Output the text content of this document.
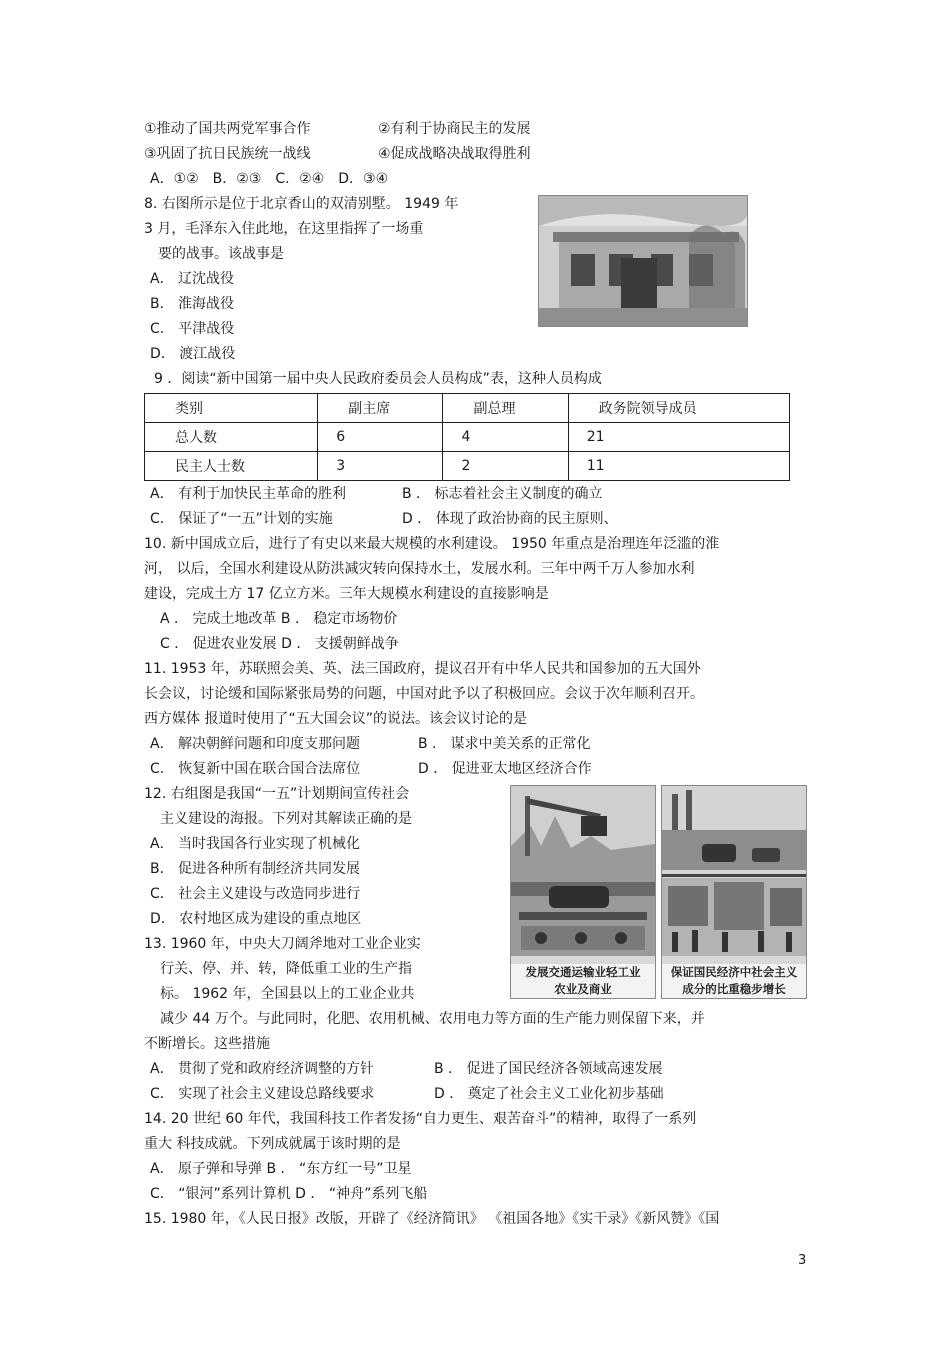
①推动了国共两党军事合作	②有利于协商民主的发展
③巩固了抗日民族统一战线	④促成战略决战取得胜利
A．①②　B．②③　C．②④　D．③④
8. 右图所示是位于北京香山的双清别墅。 1949 年
3 月，毛泽东入住此地，在这里指挥了一场重
要的战事。该战事是
A． 辽沈战役
B． 淮海战役
C． 平津战役
D． 渡江战役
9 ．阅读“新中国第一届中央人民政府委员会人员构成”表，这种人员构成
类别	副主席	副总理	政务院领导成员
总人数	6	4	21
民主人士数	3	2	11
A． 有利于加快民主革命的胜利	B ． 标志着社会主义制度的确立
C． 保证了“一五”计划的实施	D ． 体现了政治协商的民主原则、
10. 新中国成立后，进行了有史以来最大规模的水利建设。 1950 年重点是治理连年泛滥的淮
河， 以后，全国水利建设从防洪减灾转向保持水土，发展水利。三年中两千万人参加水利
建设，完成土方 17 亿立方米。三年大规模水利建设的直接影响是
A ． 完成土地改革 B ． 稳定市场物价
C ． 促进农业发展 D ． 支援朝鲜战争
11. 1953 年，苏联照会美、英、法三国政府，提议召开有中华人民共和国参加的五大国外
长会议，讨论缓和国际紧张局势的问题，中国对此予以了积极回应。会议于次年顺利召开。
西方媒体 报道时使用了“五大国会议”的说法。该会议讨论的是
A． 解决朝鲜问题和印度支那问题	B ． 谋求中美关系的正常化
C． 恢复新中国在联合国合法席位	D ． 促进亚太地区经济合作
12. 右组图是我国“一五”计划期间宣传社会
主义建设的海报。下列对其解读正确的是
A． 当时我国各行业实现了机械化
B． 促进各种所有制经济共同发展
C． 社会主义建设与改造同步进行
D． 农村地区成为建设的重点地区
发展交通运输业轻工业
农业及商业
保证国民经济中社会主义
成分的比重稳步增长
13. 1960 年，中央大刀阔斧地对工业企业实
行关、停、并、转，降低重工业的生产指
标。 1962 年，全国县以上的工业企业共
减少 44 万个。与此同时，化肥、农用机械、农用电力等方面的生产能力则保留下来，并
不断增长。这些措施
A． 贯彻了党和政府经济调整的方针	B ． 促进了国民经济各领域高速发展
C． 实现了社会主义建设总路线要求	D ． 奠定了社会主义工业化初步基础
14. 20 世纪 60 年代，我国科技工作者发扬“自力更生、艰苦奋斗”的精神，取得了一系列
重大 科技成就。下列成就属于该时期的是
A． 原子弹和导弹 B ． “东方红一号”卫星
C． “银河”系列计算机 D ． “神舟”系列飞船
15. 1980 年，《人民日报》改版，开辟了《经济简讯》 《祖国各地》《实干录》《新风赞》《国
3
